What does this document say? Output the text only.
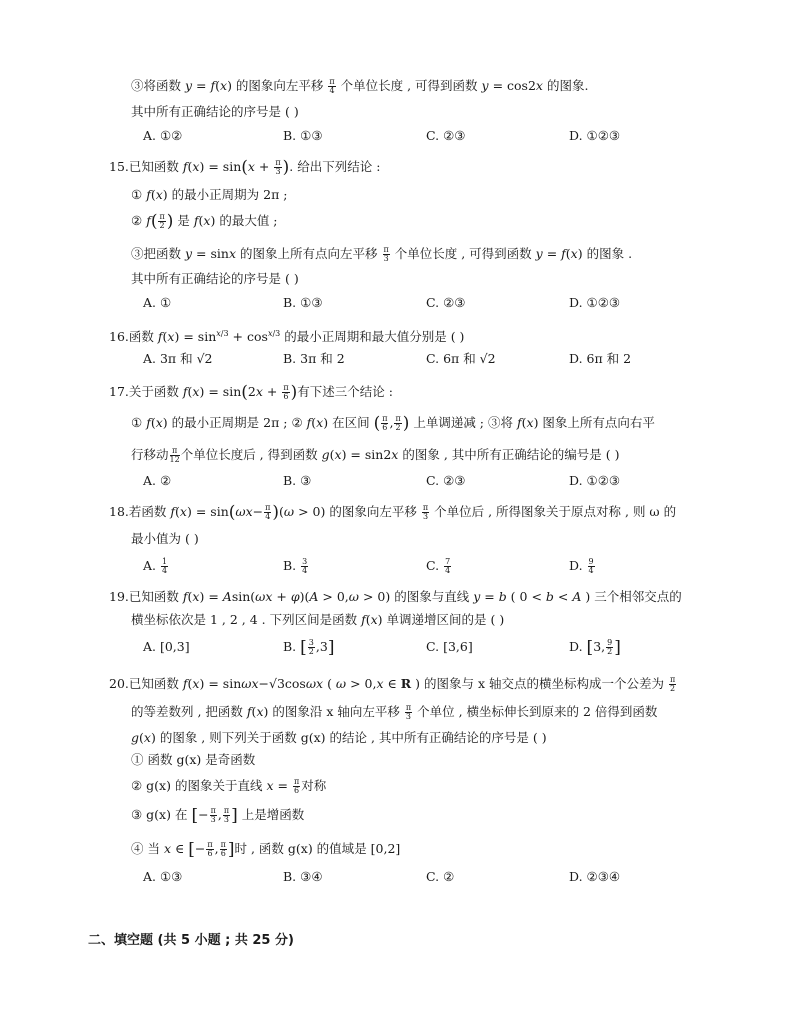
③将函数 y = f(x) 的图象向左平移 $\frac{\pi}{4}$ 个单位长度 , 可得到函数 y = cos2x 的图象.
其中所有正确结论的序号是 ( )
A. ①②	B. ①③	C. ②③	D. ①②③
15.已知函数 $f(x) = \sin(x + \frac{\pi}{3}$ ). 给出下列结论 :
① f(x) 的最小正周期为 2π ;
② $f( \frac{\pi}{2}$ ) 是 f(x) 的最大值 ;
③把函数 y = sinx 的图象上所有点向左平移 $\frac{\pi}{3}$ 个单位长度 , 可得到函数 y = f(x) 的图象 .
其中所有正确结论的序号是 ( )
A. ①	B. ①③	C. ②③	D. ①②③
16.函数 $f(x) = \sin^{x/3} + \cos^{x/3}$ 的最小正周期和最大值分别是 ( )
A. 3π 和 √2	B. 3π 和 2	C. 6π 和 √2	D. 6π 和 2
17.关于函数 $f(x) = \sin(2x + \frac{\pi}{6}$ )有下述三个结论 :
① f(x) 的最小正周期是 2π ; ② f(x) 在区间 ( $\frac{\pi}{6}$ , $\frac{\pi}{2}$ ) 上单调递减 ; ③将 f(x) 图象上所有点向右平
行移动 $\frac{\pi}{12}$ 个单位长度后 , 得到函数 g(x) = sin2x 的图象 , 其中所有正确结论的编号是 ( )
A. ②	B. ③	C. ②③	D. ①②③
18.若函数 $f(x) = \sin(\omega x- \frac{\pi}{4} )(\omega > 0)$ 的图象向左平移 $\frac{\pi}{3}$ 个单位后 , 所得图象关于原点对称 , 则 ω 的
最小值为 ( )
A. $\frac{1}{4}$	B. $\frac{3}{4}$	C. $\frac{7}{4}$	D. $\frac{9}{4}$
19.已知函数 f(x) = Asin(ωx + φ)(A > 0,ω > 0) 的图象与直线 y = b ( 0 < b < A ) 三个相邻交点的
横坐标依次是 1 , 2 , 4 . 下列区间是函数 f(x) 单调递增区间的是 ( )
A. [0,3]	B. [ $\frac{3}{2} ,3$]	C. [3,6]	D. [3, $\frac{9}{2}$ ]
20.已知函数 f(x) = sinωx−√3cosωx ( ω > 0,x ∈ R ) 的图象与 x 轴交点的横坐标构成一个公差为 $\frac{\pi}{2}$
的等差数列 , 把函数 f(x) 的图象沿 x 轴向左平移 $\frac{\pi}{3}$ 个单位 , 横坐标伸长到原来的 2 倍得到函数
g(x) 的图象 , 则下列关于函数 g(x) 的结论 , 其中所有正确结论的序号是 ( )
① 函数 g(x) 是奇函数
② g(x) 的图象关于直线 $x = \frac{\pi}{6}$ 对称
③ g(x) 在 [− $\frac{\pi}{3}$ , $\frac{\pi}{3}$ ] 上是增函数
④ 当 x ∈ [− $\frac{\pi}{6}$ , $\frac{\pi}{6}$ ]时 , 函数 g(x) 的值域是 [0,2]
A. ①③	B. ③④	C. ②	D. ②③④
二、填空题 (共 5 小题 ; 共 25 分)
